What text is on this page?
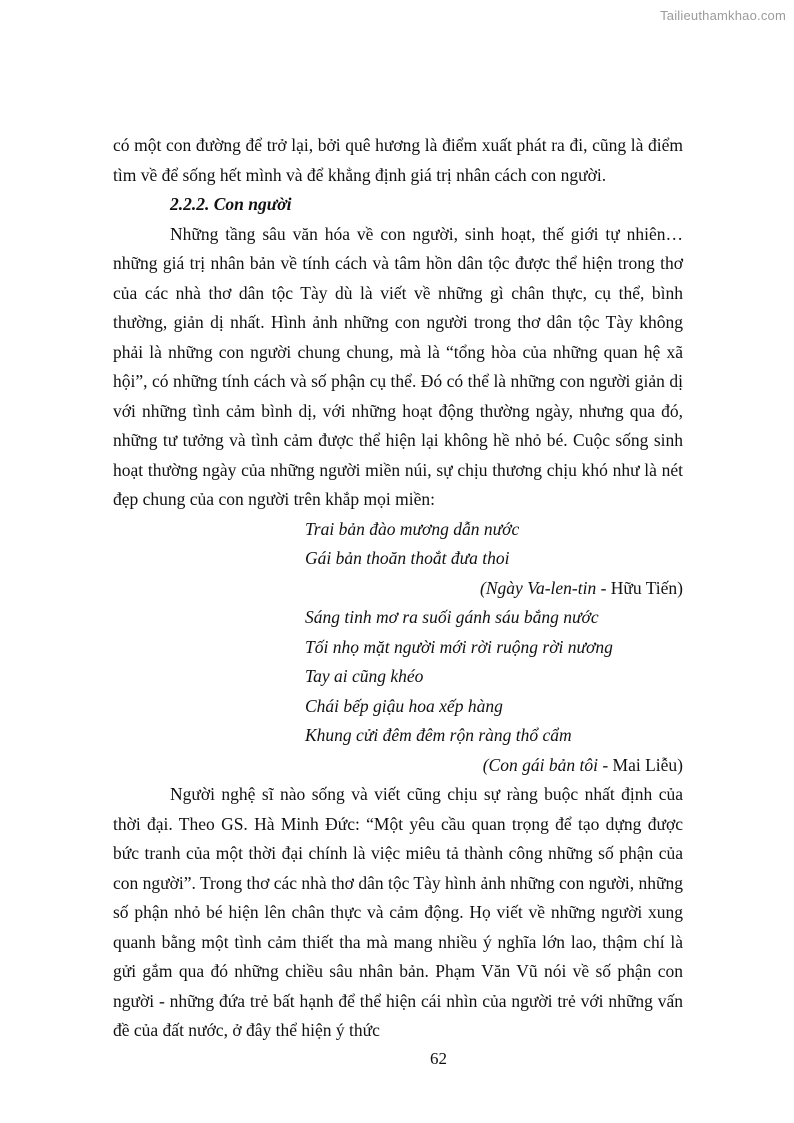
Tailieuthamkhao.com

có một con đường để trở lại, bởi quê hương là điểm xuất phát ra đi, cũng là điểm tìm về để sống hết mình và để khẳng định giá trị nhân cách con người.

2.2.2. Con người

Những tầng sâu văn hóa về con người, sinh hoạt, thế giới tự nhiên… những giá trị nhân bản về tính cách và tâm hồn dân tộc được thể hiện trong thơ của các nhà thơ dân tộc Tày dù là viết về những gì chân thực, cụ thể, bình thường, giản dị nhất. Hình ảnh những con người trong thơ dân tộc Tày không phải là những con người chung chung, mà là “tổng hòa của những quan hệ xã hội”, có những tính cách và số phận cụ thể. Đó có thể là những con người giản dị với những tình cảm bình dị, với những hoạt động thường ngày, nhưng qua đó, những tư tưởng và tình cảm được thể hiện lại không hề nhỏ bé. Cuộc sống sinh hoạt thường ngày của những người miền núi, sự chịu thương chịu khó như là nét đẹp chung của con người trên khắp mọi miền:

Trai bản đào mương dẫn nước
Gái bản thoăn thoắt đưa thoi

(Ngày Va-len-tin - Hữu Tiến)

Sáng tinh mơ ra suối gánh sáu bắng nước
Tối nhọ mặt người mới rời ruộng rời nương
Tay ai cũng khéo
Chái bếp giậu hoa xếp hàng
Khung cửi đêm đêm rộn ràng thổ cẩm

(Con gái bản tôi - Mai Liễu)

Người nghệ sĩ nào sống và viết cũng chịu sự ràng buộc nhất định của thời đại. Theo GS. Hà Minh Đức: “Một yêu cầu quan trọng để tạo dựng được bức tranh của một thời đại chính là việc miêu tả thành công những số phận của con người”. Trong thơ các nhà thơ dân tộc Tày hình ảnh những con người, những số phận nhỏ bé hiện lên chân thực và cảm động. Họ viết về những người xung quanh bằng một tình cảm thiết tha mà mang nhiều ý nghĩa lớn lao, thậm chí là gửi gắm qua đó những chiều sâu nhân bản. Phạm Văn Vũ nói về số phận con người - những đứa trẻ bất hạnh để thể hiện cái nhìn của người trẻ với những vấn đề của đất nước, ở đây thể hiện ý thức

62
